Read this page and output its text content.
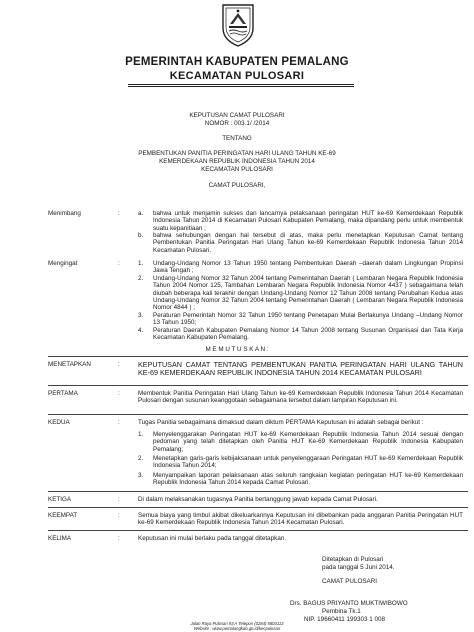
PEMERINTAH KABUPATEN PEMALANG
KECAMATAN PULOSARI
KEPUTUSAN CAMAT PULOSARI
NOMOR : 003.1/ /2014
TENTANG
PEMBENTUKAN PANITIA PERINGATAN HARI ULANG TAHUN KE-69
KEMERDEKAAN REPUBLIK INDONESIA TAHUN 2014
KECAMATAN PULOSARI
CAMAT PULOSARI,
Menimbang	:	a. bahwa untuk menjamin sukses dan lancarnya pelaksanaan peringatan HUT ke-69 Kemerdekaan Republik Indonesia Tahun 2014 di Kecamatan Pulosari Kabupaten Pemalang, maka dipandang perlu untuk membentuk suatu kepanitiaan ;
b. bahwa sehubungan dengan hal tersebut di atas, maka perlu menetapkan Keputusan Camat tentang Pembentukan Panitia Peringatan Hari Ulang Tahun ke-69 Kemerdekaan Republik Indonesia Tahun 2014 Kecamatan Pulosari.
Mengingat	:	1. Undang-Undang Nomor 13 Tahun 1950 tentang Pembentukan Daerah –daerah dalam Lingkungan Propinsi Jawa Tengah ;
2. Undang-Undang Nomor 32 Tahun 2004 tentang Pemerintahan Daerah ( Lembaran Negara Republik Indonesia Tahun 2004 Nomor 125, Tambahan Lembaran Negara Republik Indonesia Nomor 4437 ) sebagaimana telah diubah beberapa kali terakhir dengan Undang-Undang Nomor 12 Tahun 2008 tentang Perubahan Kedua atas Undang-Undang Nomor 32 Tahun 2004 tentang Pemerintahan Daerah ( Lembaran Negara Republik Indonesia Nomor 4844 ) ;
3. Peraturan Pemerintah Nomor 32 Tahun 1950 tentang Penetapan Mulai Berlakunya Undang –Undang Nomor 13 Tahun 1950;
4. Peraturan Daerah Kabupaten Pemalang Nomor 14 Tahun 2008 tentang Susunan Organisasi dan Tata Kerja Kecamatan Kabupaten Pemalang.
M E M U T U S K A N :
MENETAPKAN	:	KEPUTUSAN CAMAT TENTANG PEMBENTUKAN PANITIA PERINGATAN HARI ULANG TAHUN KE-69 KEMERDEKAAN REPUBLIK INDONESIA TAHUN 2014 KECAMATAN PULOSARI
PERTAMA	:	Membentuk Panitia Peringatan Hari Ulang Tahun ke-69 Kemerdekaan Republik Indonesia Tahun 2014 Kecamatan Pulosari dengan susunan keanggotaan sebagaimana tersebut dalam lampiran Keputusan ini.
KEDUA	:	Tugas Panitia sebagaimana dimaksud dalam diktum PERTAMA Keputusan ini adalah sebagai berikut :
1. Menyelenggarakan Peringatan HUT ke-69 Kemerdekaan Republik Indonesia Tahun 2014 sesuai dengan pedoman yang telah ditetapkan oleh Panitia HUT Ke-69 Kemerdekaan Republik Indonesia Kabupaten Pemalang;
2. Menetapkan garis-garis kebijaksanaan untuk penyelenggaraan Peringatan HUT ke-69 Kemerdekaan Republik Indonesia Tahun 2014;
3. Menyampaikan laporan pelaksanaan atas seluruh rangkaian kegiatan peringatan HUT ke-69 Kemerdekaan Republik Indonesia Tahun 2014 kepada Camat Pulosari.
KETIGA	:	Di dalam melaksanakan tugasnya Panitia bertanggung jawab kepada Camat Pulosari.
KEEMPAT	:	Semua biaya yang timbul akibat dikeluarkannya Keputusan ini dibebankan pada anggaran Panitia Peringatan HUT ke-69 Kemerdekaan Republik Indonesia Tahun 2014 Kecamatan Pulosari.
KELIMA	:	Keputusan ini mulai berlaku pada tanggal ditetapkan.
Ditetapkan di Pulosari
pada tanggal 5 Juni 2014.
CAMAT PULOSARI
Drs. BAGUS PRIYANTO MUKTIWIBOWO
Pembina Tk.1
NIP. 19660411 199303 1 008
Jalan Raya Pulosari 93 A Telepon (0284) 5804113
Website : www.pemalangkab.go.id/kecpulosari
